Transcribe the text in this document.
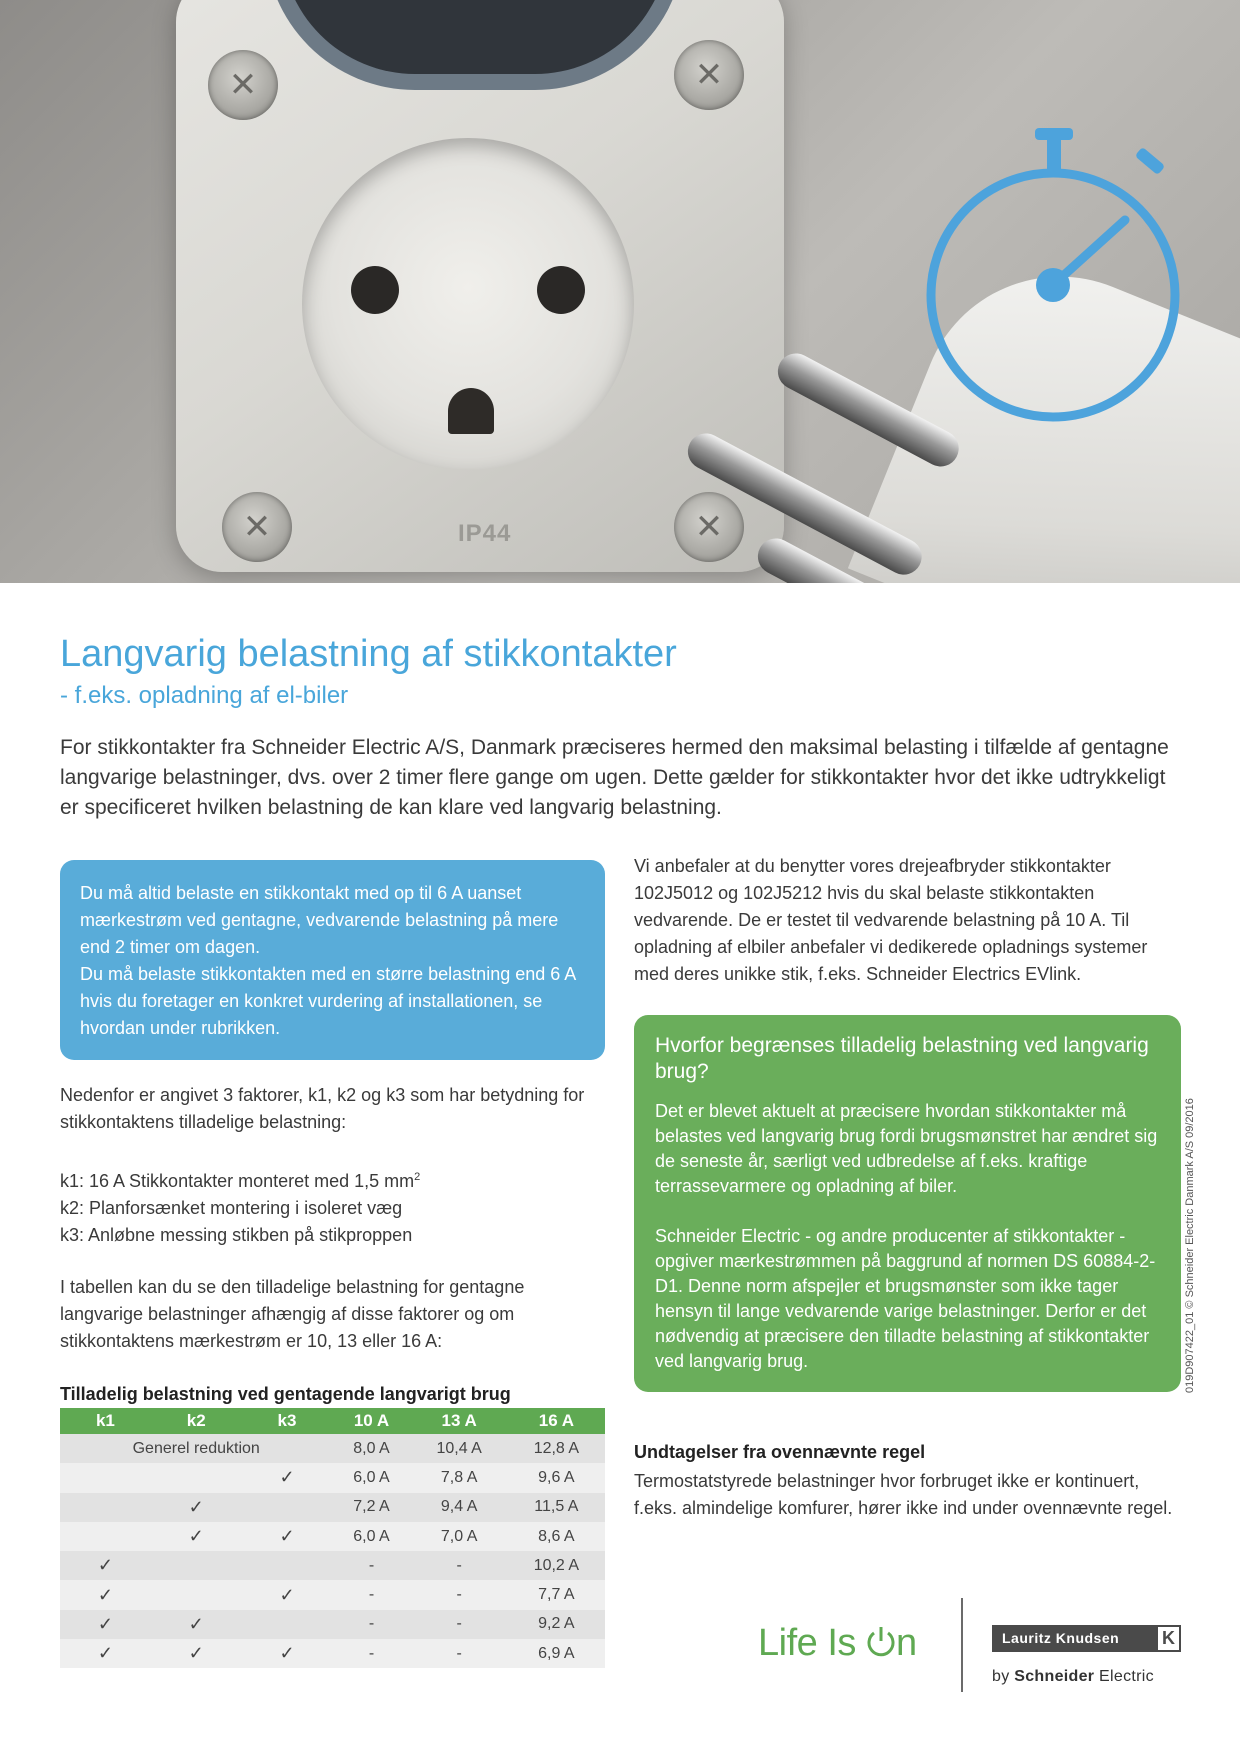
✕
✕
✕
✕
IP44
Langvarig belastning af stikkontakter
- f.eks. opladning af el-biler

For stikkontakter fra Schneider Electric A/S, Danmark præciseres hermed den maksimal belasting i tilfælde af gentagne langvarige belastninger, dvs. over 2 timer flere gange om ugen. Dette gælder for stikkontakter hvor det ikke udtrykkeligt er specificeret hvilken belastning de kan klare ved langvarig belastning.

Du må altid belaste en stikkontakt med op til 6 A uanset mærkestrøm ved gentagne, vedvarende belastning på mere end 2 timer om dagen.

Du må belaste stikkontakten med en større belastning end 6 A hvis du foretager en konkret vurdering af installationen, se hvordan under rubrikken.

Nedenfor er angivet 3 faktorer, k1, k2 og k3 som har betydning for stikkontaktens tilladelige belastning:

k1: 16 A Stikkontakter monteret med 1,5 $mm^2$
k2: Planforsænket montering i isoleret væg
k3: Anløbne messing stikben på stikproppen

I tabellen kan du se den tilladelige belastning for gentagne langvarige belastninger afhængig af disse faktorer og om stikkontaktens mærkestrøm er 10, 13 eller 16 A:

Tilladelig belastning ved gentagende langvarigt brug
k1	k2	k3	10 A	13 A	16 A
Generel reduktion			8,0 A	10,4 A	12,8 A
		✓	6,0 A	7,8 A	9,6 A
	✓		7,2 A	9,4 A	11,5 A
	✓	✓	6,0 A	7,0 A	8,6 A
✓			-	-	10,2 A
✓		✓	-	-	7,7 A
✓	✓		-	-	9,2 A
✓	✓	✓	-	-	6,9 A

Vi anbefaler at du benytter vores drejeafbryder stikkontakter 102J5012 og 102J5212 hvis du skal belaste stikkontakten vedvarende. De er testet til vedvarende belastning på 10 A. Til opladning af elbiler anbefaler vi dedikerede opladnings systemer med deres unikke stik, f.eks. Schneider Electrics EVlink.

Hvorfor begrænses tilladelig belastning ved langvarig brug?

Det er blevet aktuelt at præcisere hvordan stikkontakter må belastes ved langvarig brug fordi brugsmønstret har ændret sig de seneste år, særligt ved udbredelse af f.eks. kraftige terrassevarmere og opladning af biler.

Schneider Electric - og andre producenter af stikkontakter - opgiver mærkestrømmen på baggrund af normen DS 60884-2-D1. Denne norm afspejler et brugsmønster som ikke tager hensyn til lange vedvarende varige belastninger. Derfor er det nødvendig at præcisere den tilladte belastning af stikkontakter ved langvarig brug.

Undtagelser fra ovennævnte regel

Termostatstyrede belastninger hvor forbruget ikke er kontinuert, f.eks. almindelige komfurer, hører ikke ind under ovennævnte regel.

019D907422_01 © Schneider Electric Danmark A/S 09/2016
Life Is n	Lauritz Knudsen	K
by Schneider Electric
